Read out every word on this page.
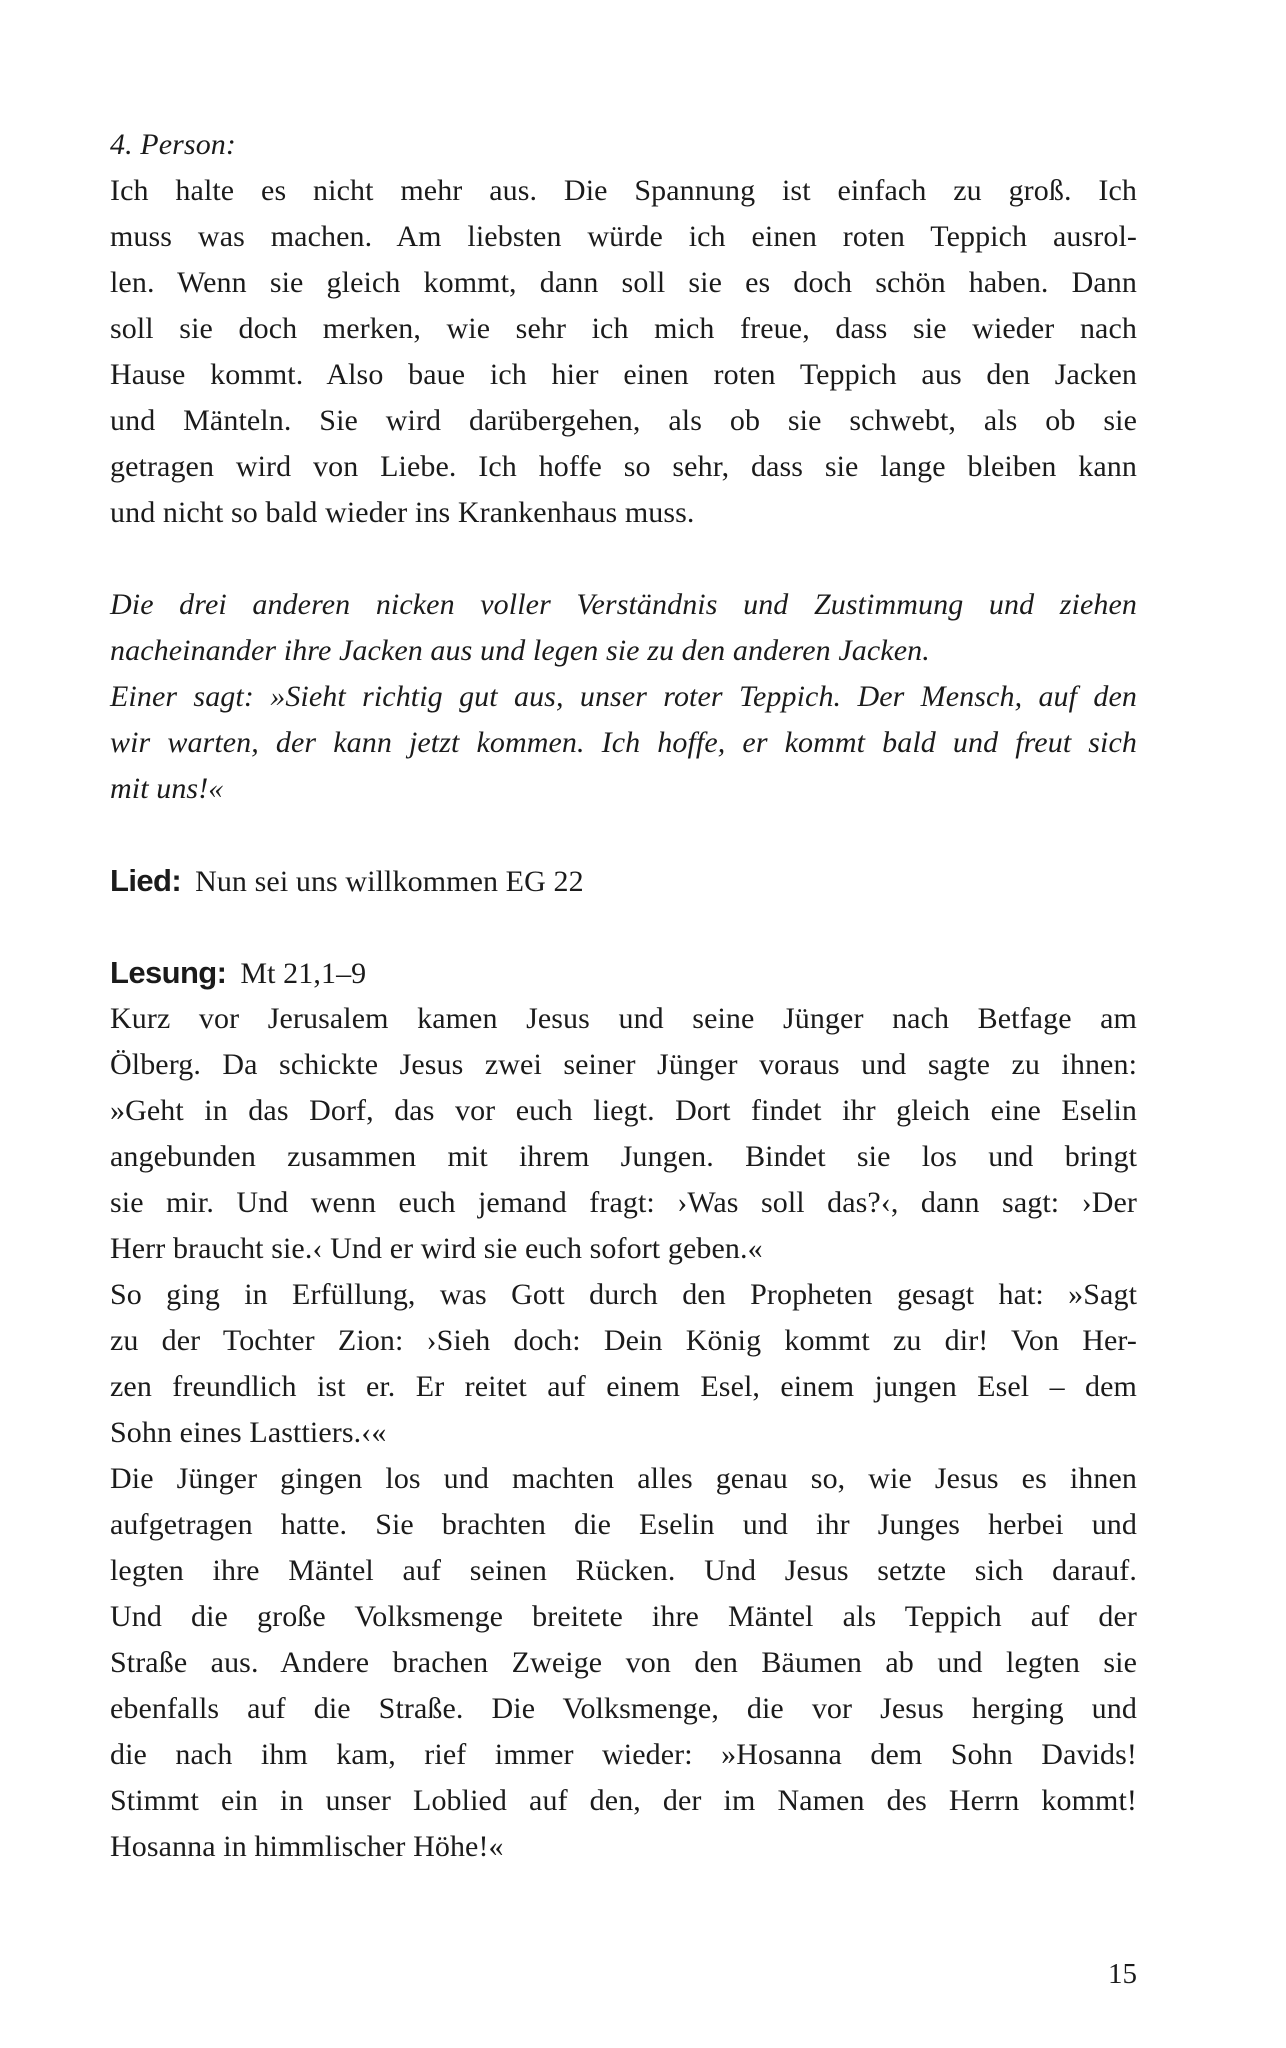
4. Person:
Ich halte es nicht mehr aus. Die Spannung ist einfach zu groß. Ich
muss was machen. Am liebsten würde ich einen roten Teppich ausrol-
len. Wenn sie gleich kommt, dann soll sie es doch schön haben. Dann
soll sie doch merken, wie sehr ich mich freue, dass sie wieder nach
Hause kommt. Also baue ich hier einen roten Teppich aus den Jacken
und Mänteln. Sie wird darübergehen, als ob sie schwebt, als ob sie
getragen wird von Liebe. Ich hoffe so sehr, dass sie lange bleiben kann
und nicht so bald wieder ins Krankenhaus muss.
Die drei anderen nicken voller Verständnis und Zustimmung und ziehen
nacheinander ihre Jacken aus und legen sie zu den anderen Jacken.
Einer sagt: »Sieht richtig gut aus, unser roter Teppich. Der Mensch, auf den
wir warten, der kann jetzt kommen. Ich hoffe, er kommt bald und freut sich
mit uns!«
Lied: Nun sei uns willkommen EG 22
Lesung: Mt 21,1–9
Kurz vor Jerusalem kamen Jesus und seine Jünger nach Betfage am
Ölberg. Da schickte Jesus zwei seiner Jünger voraus und sagte zu ihnen:
»Geht in das Dorf, das vor euch liegt. Dort findet ihr gleich eine Eselin
angebunden zusammen mit ihrem Jungen. Bindet sie los und bringt
sie mir. Und wenn euch jemand fragt: ›Was soll das?‹, dann sagt: ›Der
Herr braucht sie.‹ Und er wird sie euch sofort geben.«
So ging in Erfüllung, was Gott durch den Propheten gesagt hat: »Sagt
zu der Tochter Zion: ›Sieh doch: Dein König kommt zu dir! Von Her-
zen freundlich ist er. Er reitet auf einem Esel, einem jungen Esel – dem
Sohn eines Lasttiers.‹«
Die Jünger gingen los und machten alles genau so, wie Jesus es ihnen
aufgetragen hatte. Sie brachten die Eselin und ihr Junges herbei und
legten ihre Mäntel auf seinen Rücken. Und Jesus setzte sich darauf.
Und die große Volksmenge breitete ihre Mäntel als Teppich auf der
Straße aus. Andere brachen Zweige von den Bäumen ab und legten sie
ebenfalls auf die Straße. Die Volksmenge, die vor Jesus herging und
die nach ihm kam, rief immer wieder: »Hosanna dem Sohn Davids!
Stimmt ein in unser Loblied auf den, der im Namen des Herrn kommt!
Hosanna in himmlischer Höhe!«
15
